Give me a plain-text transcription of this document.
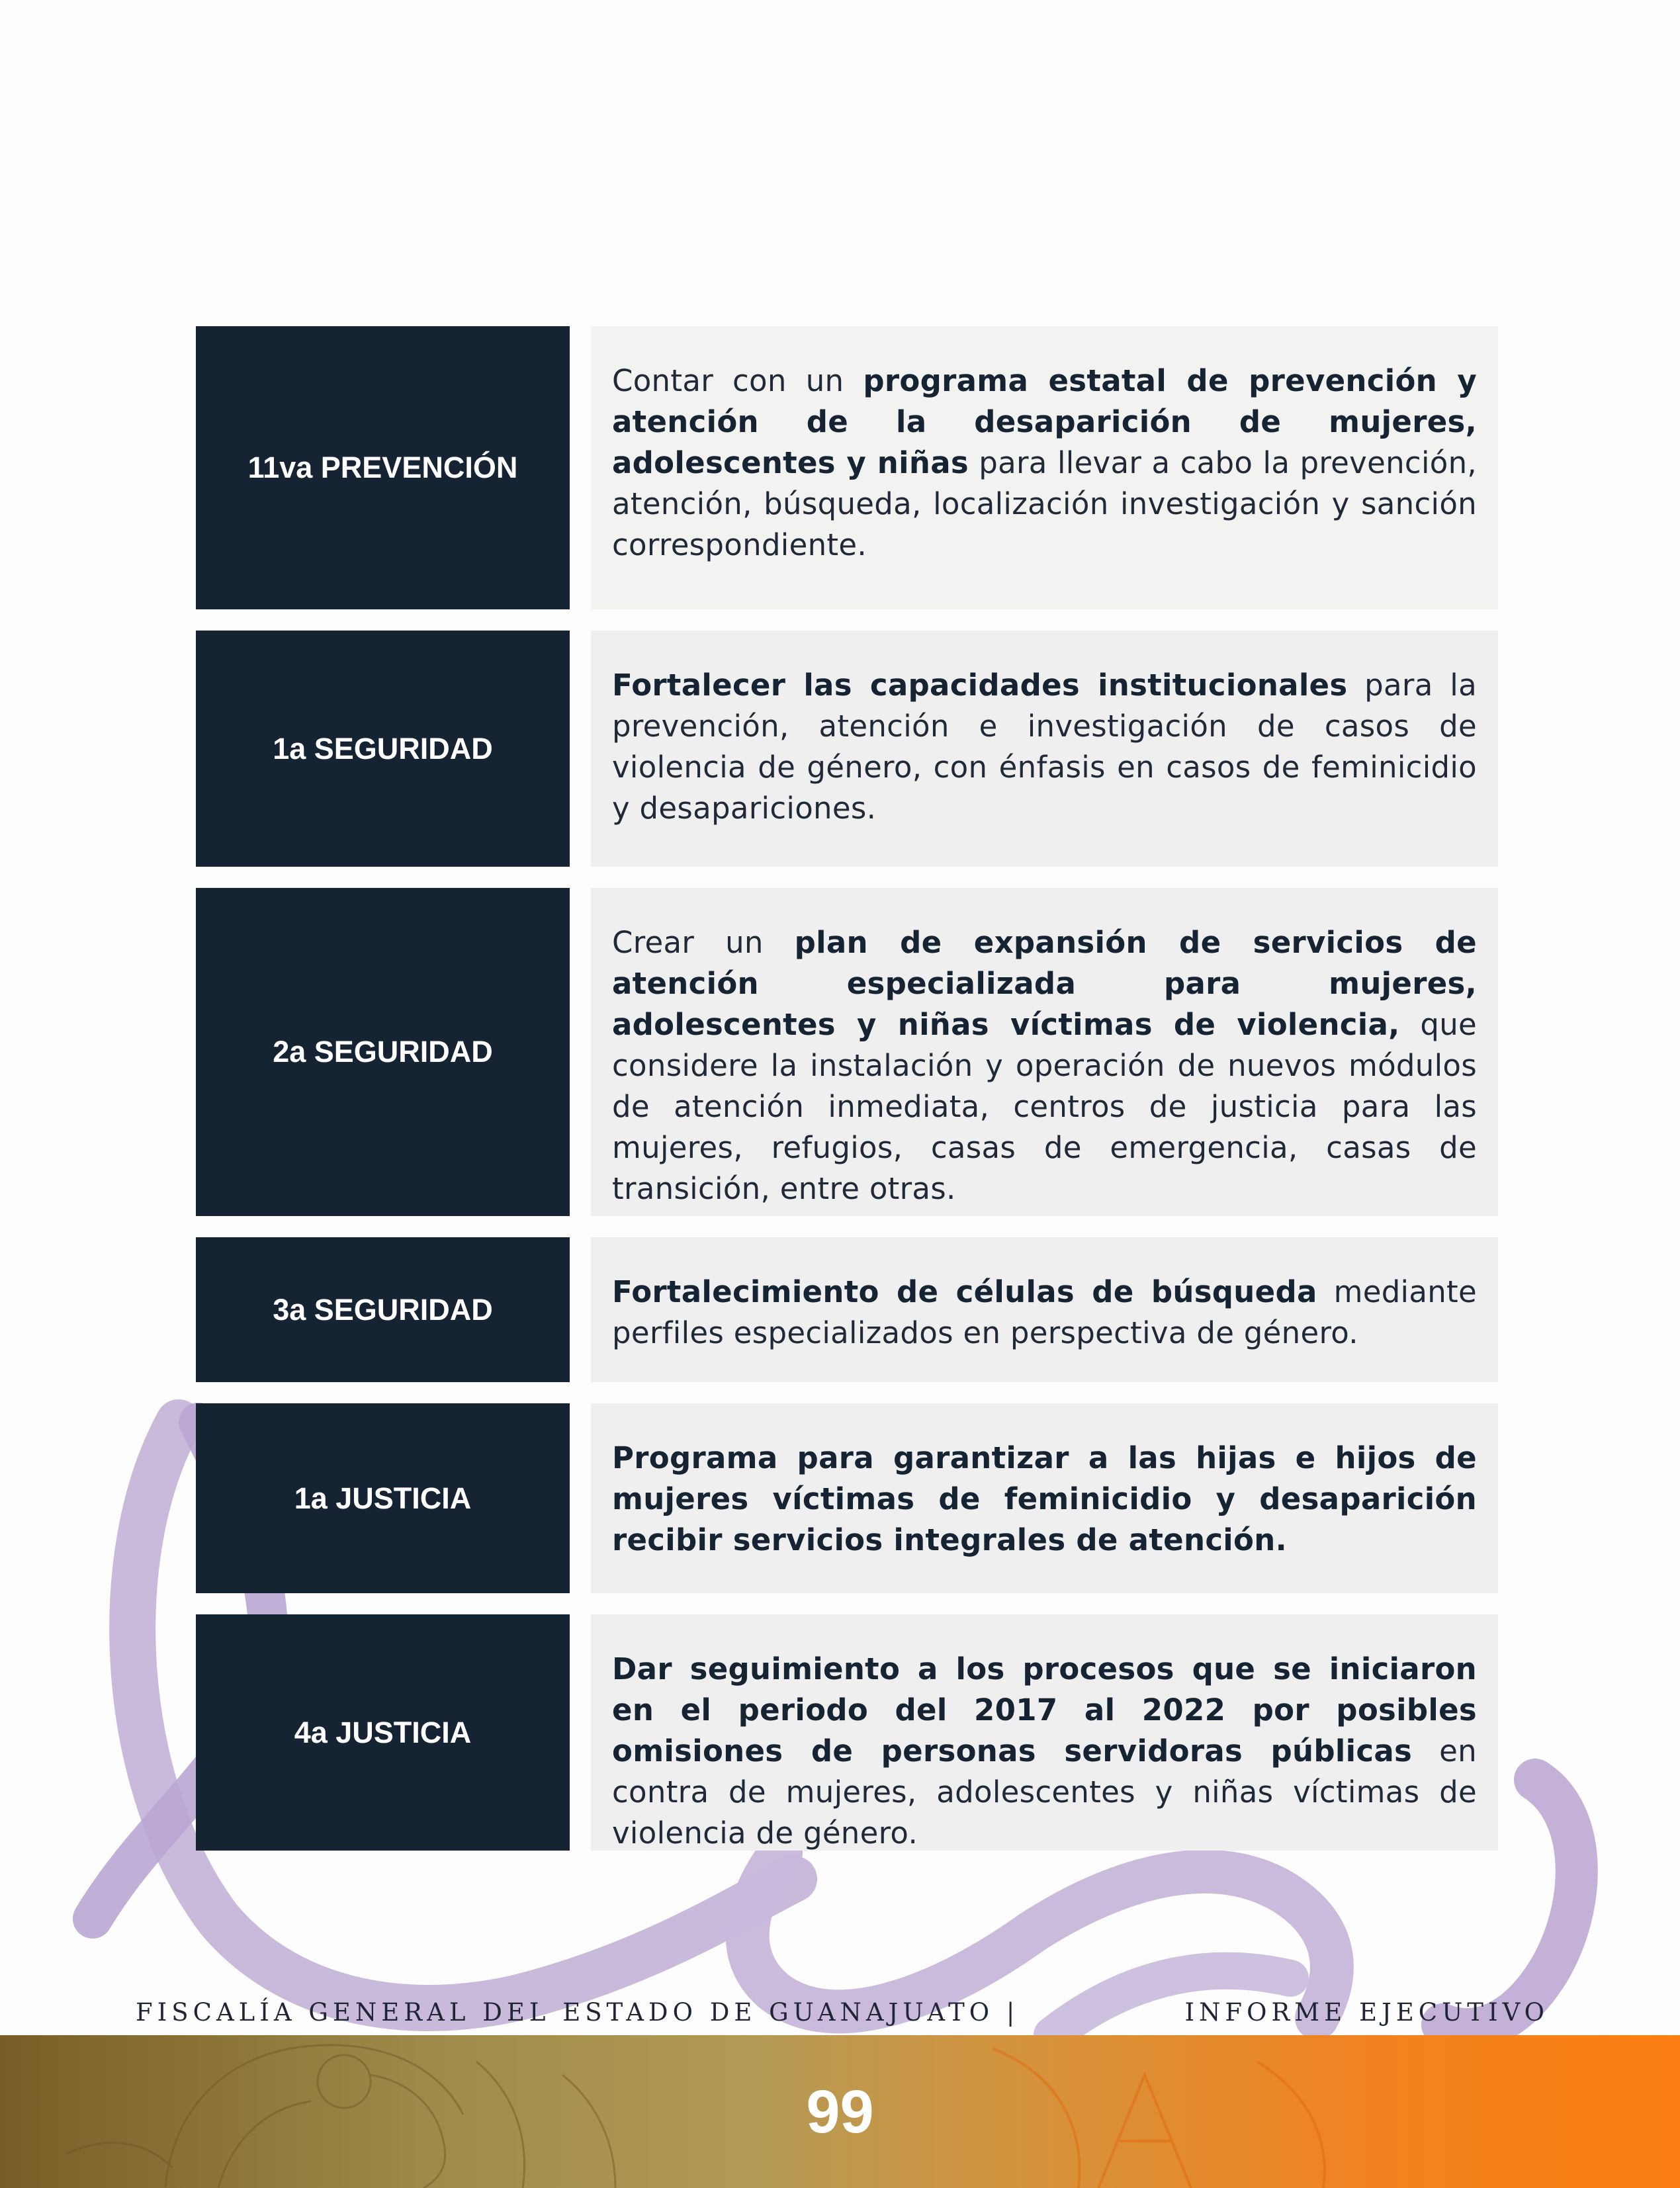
11va PREVENCIÓN
Contar con un programa estatal de prevención y atención de la desaparición de mujeres, adolescentes y niñas para llevar a cabo la prevención, atención, búsqueda, localización investigación y sanción correspondiente.
1a SEGURIDAD
Fortalecer las capacidades institucionales para la prevención, atención e investigación de casos de violencia de género, con énfasis en casos de feminicidio y desapariciones.
2a SEGURIDAD
Crear un plan de expansión de servicios de atención especializada para mujeres, adolescentes y niñas víctimas de violencia, que considere la instalación y operación de nuevos módulos de atención inmediata, centros de justicia para las mujeres, refugios, casas de emergencia, casas de transición, entre otras.
3a SEGURIDAD	Fortalecimiento de células de búsqueda mediante perfiles especializados en perspectiva de género.
1a JUSTICIA
Programa para garantizar a las hijas e hijos de mujeres víctimas de feminicidio y desaparición recibir servicios integrales de atención.
4a JUSTICIA
Dar seguimiento a los procesos que se iniciaron en el periodo del 2017 al 2022 por posibles omisiones de personas servidoras públicas en contra de mujeres, adolescentes y niñas víctimas de violencia de género.
FISCALÍA GENERAL DEL ESTADO DE GUANAJUATO |	INFORME EJECUTIVO
99
